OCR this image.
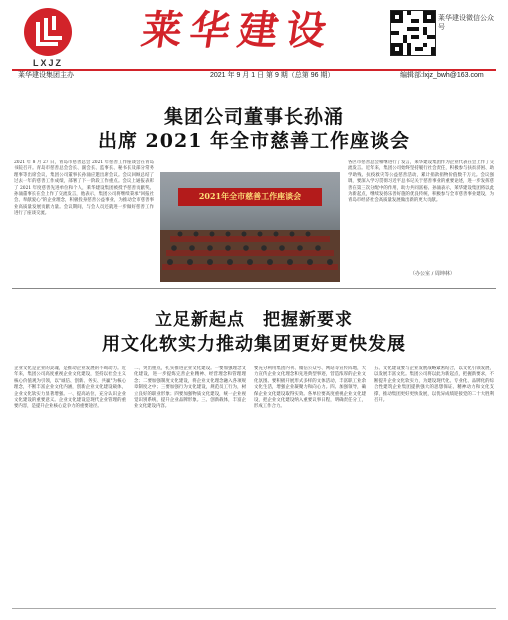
LXJZ
莱华建设	莱华建设微信公众号
莱华建设集团主办	2021 年 9 月 1 日 第 9 期（总第 96 期）	编辑部:lxjz_bwh@163.com
集团公司董事长孙涌
出席 2021 年全市慈善工作座谈会
2021 年 8 月 27 日，青岛市慈善总会 2021 年慈善工作座谈会在青岛书院召开。青岛市慈善总会会长、副会长、监事长、秘书长及部分常务理事等出席会议，集团公司董事长孙涌应邀出席会议。会议回顾总结了过去一年的慈善工作成绩，部署了下一阶段工作重点。会议上通报表彰了 2021 年度慈善先进单位和个人，莱华建设集团被授予慈善贡献奖。孙涌董事长在会上作了交流发言，他表示，集团公司将继续秉承"回报社会、奉献爱心"的企业理念，积极投身慈善公益事业，为推动全市慈善事业高质量发展贡献力量。会议期间，与会人员还就进一步做好慈善工作进行了座谈交流。
2021年全市慈善工作座谈会
各区市慈善总会相继进行了发言，莱华建设集团作为企业代表在会上作了交流发言。近年来，集团公司始终坚持履行社会责任，积极参与扶贫济困、助学助残、抗疫救灾等公益慈善活动，累计捐款捐物价值数千万元。会议强调，要深入学习贯彻习近平总书记关于慈善事业的重要论述，进一步发挥慈善在第三次分配中的作用，助力共同富裕。孙涌表示，莱华建设集团将以此为新起点，继续发扬乐善好施的优良传统，积极参与全市慈善事业建设，为青岛市经济社会高质量发展做出新的更大贡献。
（办公室 / 周坤林）
立足新起点　把握新要求
用文化软实力推动集团更好更快发展
企业文化是企业的灵魂，是推动企业发展的不竭动力。近年来，集团公司高度重视企业文化建设，坚持以社会主义核心价值观为引领，以"诚信、创新、务实、共赢"为核心理念，不断丰富企业文化内涵，创新企业文化建设载体，企业文化软实力显著增强。一、提高站位，充分认识企业文化建设的重要意义。企业文化建设是现代企业管理的重要内容，是提升企业核心竞争力的重要途径。
二、突出重点，扎实推进企业文化建设。一要加强理念文化建设，进一步提炼完善企业精神、经营理念和管理理念；二要加强制度文化建设，将企业文化理念融入各项规章制度之中；三要加强行为文化建设，规范员工行为，树立良好的职业形象；四要加强物质文化建设，统一企业视觉识别系统，提升企业品牌形象。三、创新载体，丰富企业文化建设内容。
要充分利用集团内刊、微信公众号、网站等宣传阵地，大力宣传企业文化理念和先进典型事迹，营造浓厚的企业文化氛围。要积极开展形式多样的文体活动，丰富职工业余文化生活，增强企业凝聚力和向心力。四、加强领导，确保企业文化建设取得实效。各单位要高度重视企业文化建设，把企业文化建设纳入重要议事日程，明确责任分工，形成工作合力。
五、文化建设要与企业发展战略紧密结合，以文化引领发展，以发展丰富文化。集团公司将以此为新起点，把握新要求，不断提升企业文化软实力，为建设现代化、专业化、品牌化的综合性建筑企业集团提供强大的思想保证、精神动力和文化支撑，推动集团更好更快发展，以优异成绩迎接党的二十大胜利召开。
